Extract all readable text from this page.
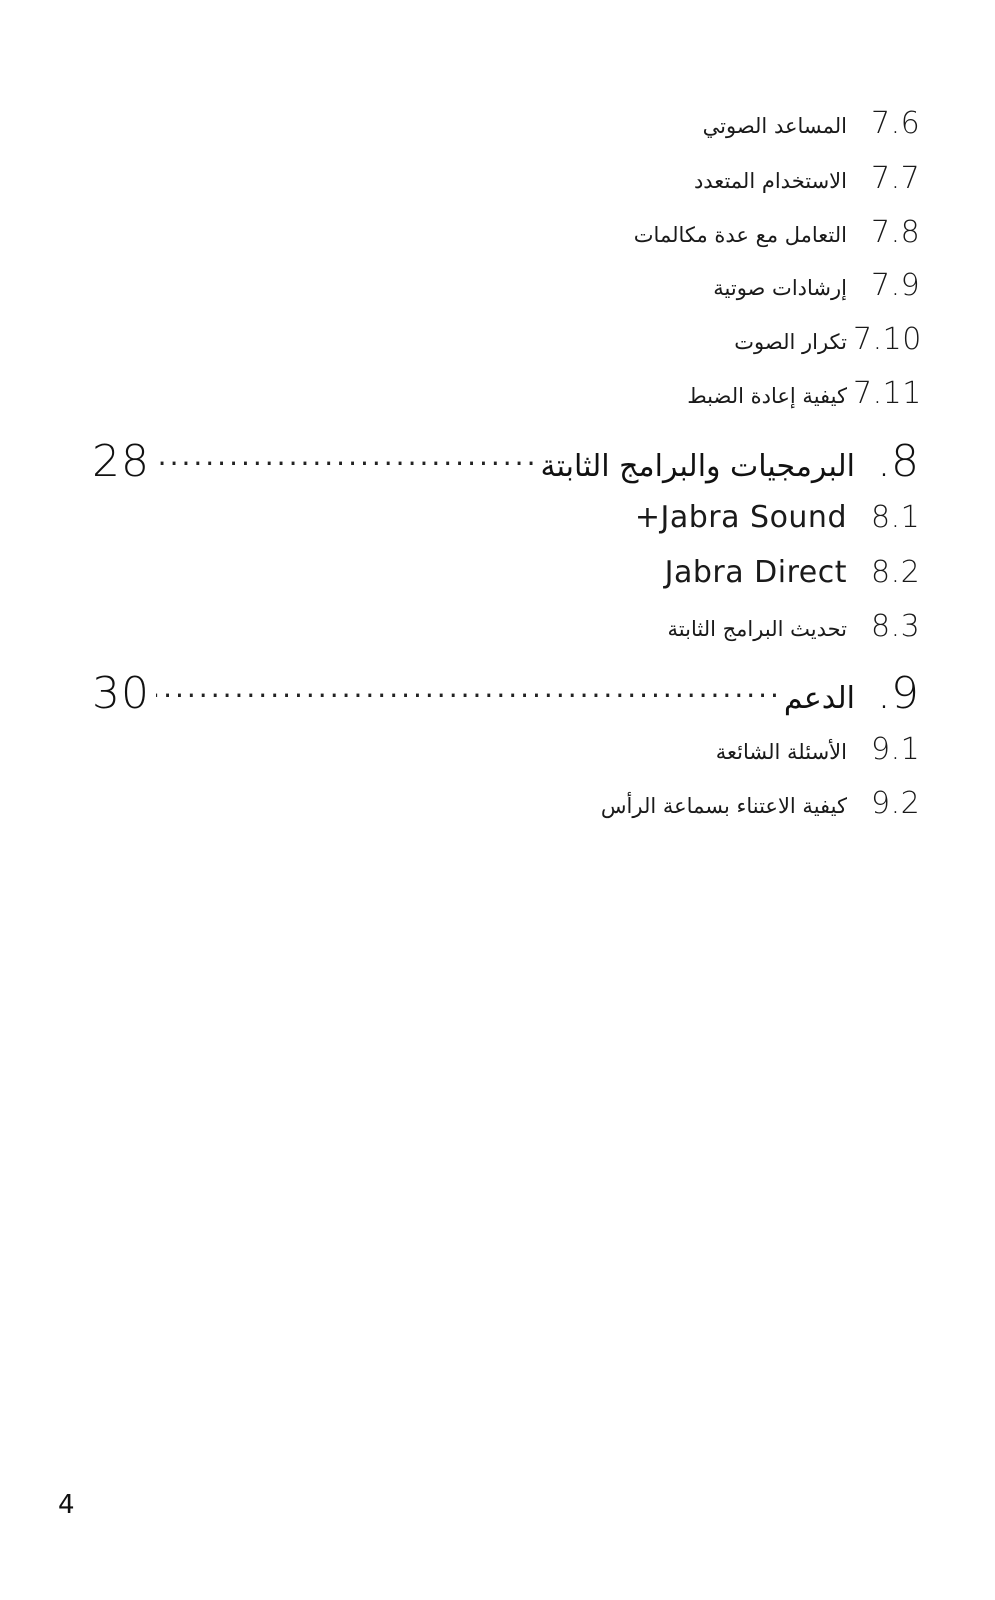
المساعد الصوتي 7.6
الاستخدام المتعدد 7.7
التعامل مع عدة مكالمات 7.8
إرشادات صوتية 7.9
تكرار الصوت 7.10
كيفية إعادة الضبط 7.11
28 .....	البرمجيات والبرامج الثابتة .8
+Jabra Sound 8.1
Jabra Direct 8.2
تحديث البرامج الثابتة 8.3
30 .....	الدعم .9
الأسئلة الشائعة 9.1
كيفية الاعتناء بسماعة الرأس 9.2
4
